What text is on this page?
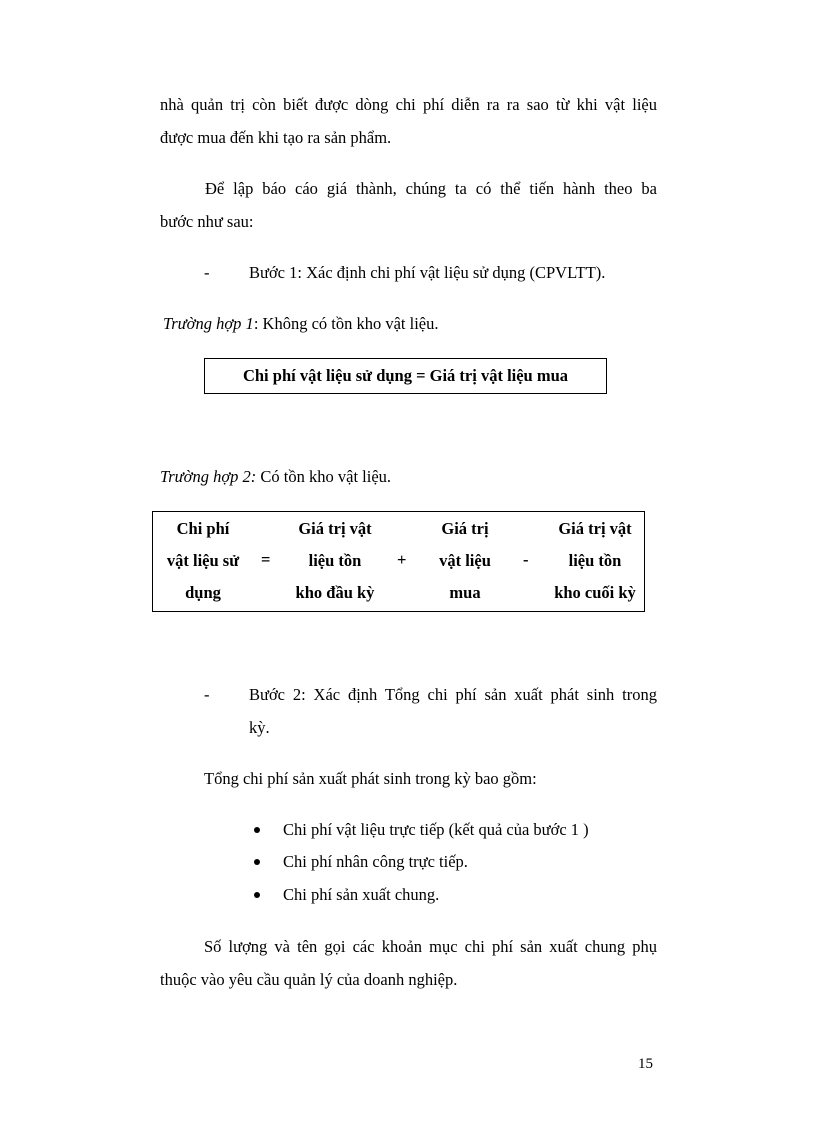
nhà quản trị còn biết được dòng chi phí diễn ra ra sao từ khi vật liệu
được mua đến khi tạo ra sản phẩm.
Để lập báo cáo giá thành, chúng ta có thể tiến hành theo ba
bước như sau:
- Bước 1: Xác định chi phí vật liệu sử dụng (CPVLTT).
Trường hợp 1: Không có tồn kho vật liệu.
Chi phí vật liệu sử dụng = Giá trị vật liệu mua
Trường hợp 2: Có tồn kho vật liệu.
Chi phí
vật liệu sử
dụng
=
Giá trị vật
liệu tồn
kho đầu kỳ
+
Giá trị
vật liệu
mua
-
Giá trị vật
liệu tồn
kho cuối kỳ
- Bước 2: Xác định Tổng chi phí sản xuất phát sinh trong
kỳ.
Tổng chi phí sản xuất phát sinh trong kỳ bao gồm:
Chi phí vật liệu trực tiếp (kết quả của bước 1 )
Chi phí nhân công trực tiếp.
Chi phí sản xuất chung.
Số lượng và tên gọi các khoản mục chi phí sản xuất chung phụ
thuộc vào yêu cầu quản lý của doanh nghiệp.
15
